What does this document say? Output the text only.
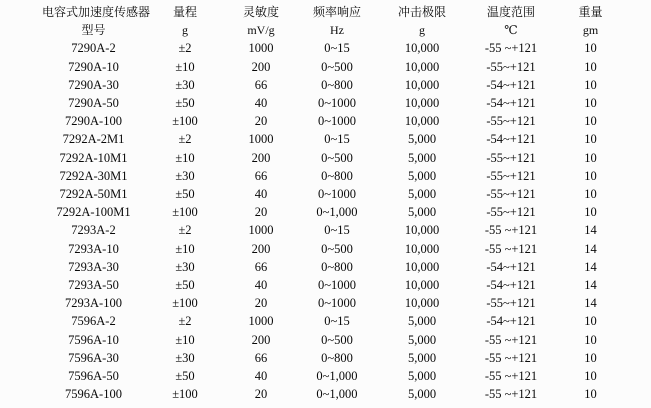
电容式加速度传感器	量程	灵敏度	频率响应	冲击极限	温度范围	重量
型号	g	mV/g	Hz	g	℃	gm
7290A-2	±2	1000	0~15	10,000	-55 ~+121	10
7290A-10	±10	200	0~500	10,000	-55~+121	10
7290A-30	±30	66	0~800	10,000	-54~+121	10
7290A-50	±50	40	0~1000	10,000	-54~+121	10
7290A-100	±100	20	0~1000	10,000	-55~+121	10
7292A-2M1	±2	1000	0~15	5,000	-54~+121	10
7292A-10M1	±10	200	0~500	5,000	-55~+121	10
7292A-30M1	±30	66	0~800	5,000	-55~+121	10
7292A-50M1	±50	40	0~1000	5,000	-55~+121	10
7292A-100M1	±100	20	0~1,000	5,000	-55~+121	10
7293A-2	±2	1000	0~15	10,000	-55 ~+121	14
7293A-10	±10	200	0~500	10,000	-55 ~+121	14
7293A-30	±30	66	0~800	10,000	-54~+121	14
7293A-50	±50	40	0~1000	10,000	-54~+121	14
7293A-100	±100	20	0~1000	10,000	-55~+121	14
7596A-2	±2	1000	0~15	5,000	-54~+121	10
7596A-10	±10	200	0~500	5,000	-55 ~+121	10
7596A-30	±30	66	0~800	5,000	-55 ~+121	10
7596A-50	±50	40	0~1,000	5,000	-55 ~+121	10
7596A-100	±100	20	0~1,000	5,000	-55 ~+121	10
